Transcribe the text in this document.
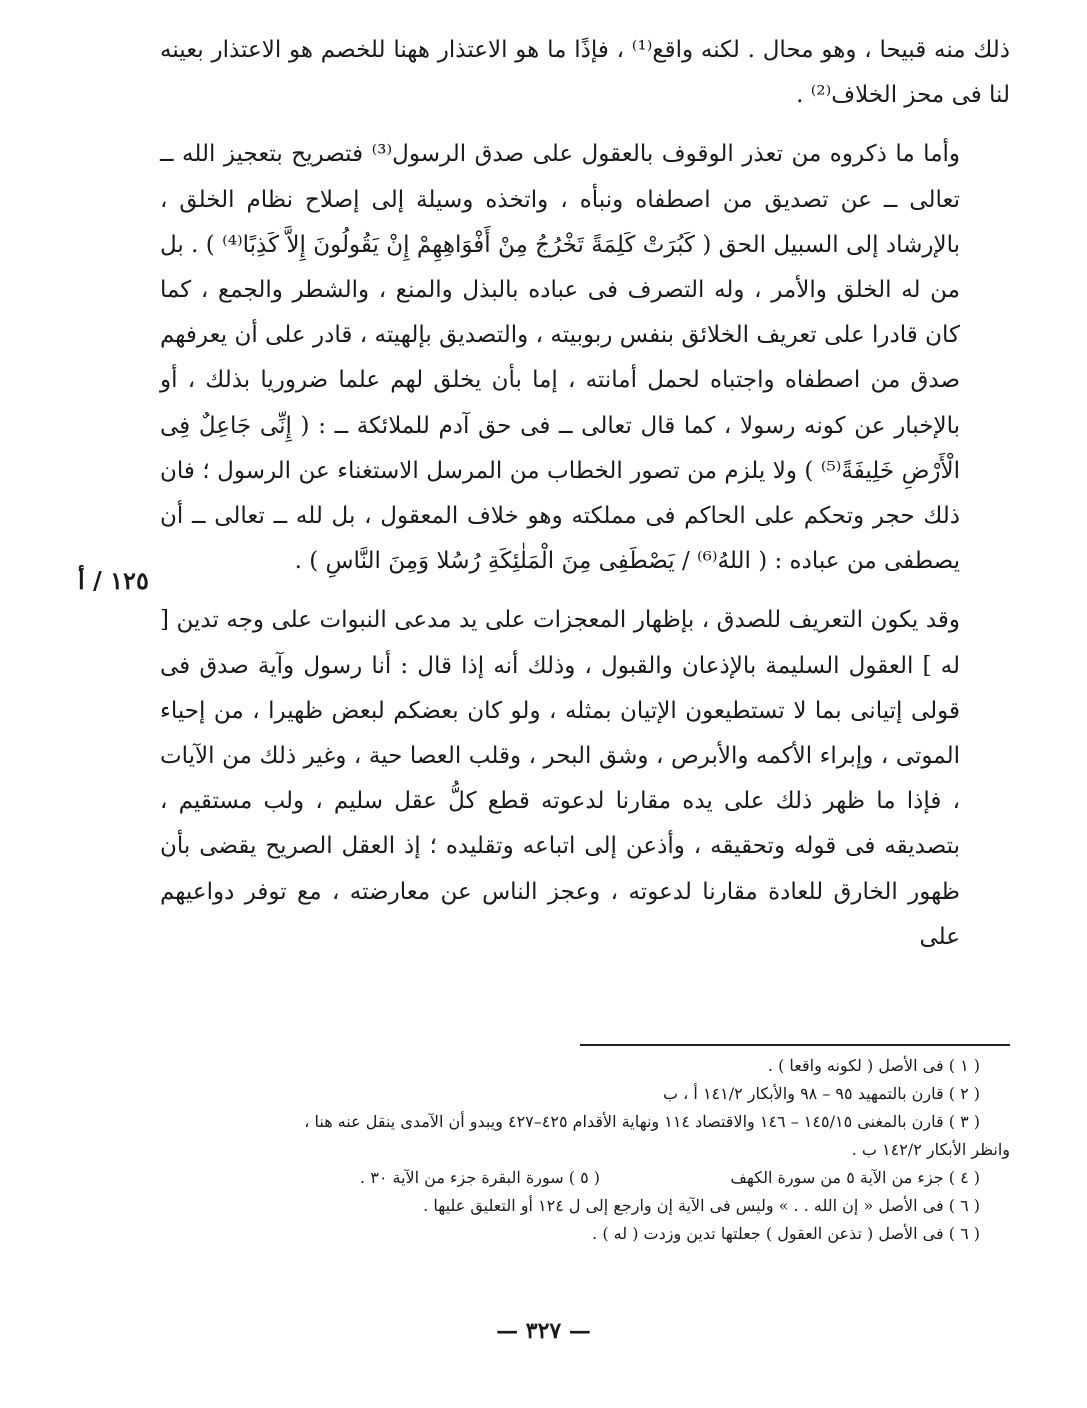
ذلك منه قبيحا ، وهو محال . لكنه واقع⁽¹⁾ ، فإذًا ما هو الاعتذار ههنا للخصم هو الاعتذار بعينه لنا فى محز الخلاف⁽²⁾ .

وأما ما ذكروه من تعذر الوقوف بالعقول على صدق الرسول⁽³⁾ فتصريح بتعجيز الله ــ تعالى ــ عن تصديق من اصطفاه ونبأه ، واتخذه وسيلة إلى إصلاح نظام الخلق ، بالإرشاد إلى السبيل الحق ( كَبُرَتْ كَلِمَةً تَخْرُجُ مِنْ أَفْوَاهِهِمْ إِنْ يَقُولُونَ إِلاَّ كَذِبًا⁽⁴⁾ ) . بل من له الخلق والأمر ، وله التصرف فى عباده بالبذل والمنع ، والشطر والجمع ، كما كان قادرا على تعريف الخلائق بنفس ربوبيته ، والتصديق بإلهيته ، قادر على أن يعرفهم صدق من اصطفاه واجتباه لحمل أمانته ، إما بأن يخلق لهم علما ضروريا بذلك ، أو بالإخبار عن كونه رسولا ، كما قال تعالى ــ فى حق آدم للملائكة ــ : ( إِنِّى جَاعِلٌ فِى الْأَرْضِ خَلِيفَةً⁽⁵⁾ ) ولا يلزم من تصور الخطاب من المرسل الاستغناء عن الرسول ؛ فان ذلك حجر وتحكم على الحاكم فى مملكته وهو خلاف المعقول ، بل لله ــ تعالى ــ أن يصطفى من عباده : ( اللهُ⁽⁶⁾ / يَصْطَفِى مِنَ الْمَلٰئِكَةِ رُسُلا وَمِنَ النَّاسِ ) .

وقد يكون التعريف للصدق ، بإظهار المعجزات على يد مدعى النبوات على وجه تدين [ له ] العقول السليمة بالإذعان والقبول ، وذلك أنه إذا قال : أنا رسول وآية صدق فى قولى إتيانى بما لا تستطيعون الإتيان بمثله ، ولو كان بعضكم لبعض ظهيرا ، من إحياء الموتى ، وإبراء الأكمه والأبرص ، وشق البحر ، وقلب العصا حية ، وغير ذلك من الآيات ، فإذا ما ظهر ذلك على يده مقارنا لدعوته قطع كلُّ عقل سليم ، ولب مستقيم ، بتصديقه فى قوله وتحقيقه ، وأذعن إلى اتباعه وتقليده ؛ إذ العقل الصريح يقضى بأن ظهور الخارق للعادة مقارنا لدعوته ، وعجز الناس عن معارضته ، مع توفر دواعيهم على

١٢٥ / أ

( ١ ) فى الأصل ( لكونه واقعا ) .

( ٢ ) قارن بالتمهيد ٩٥ – ٩٨ والأبكار ١٤١/٢ أ ، ب

( ٣ ) قارن بالمغنى ١٤٥/١٥ – ١٤٦ والاقتصاد ١١٤ ونهاية الأقدام ٤٢٥–٤٢٧ ويبدو أن الآمدى ينقل عنه هنا ،

وانظر الأبكار ١٤٢/٢ ب .

( ٤ ) جزء من الآية ٥ من سورة الكهف
( ٥ ) سورة البقرة جزء من الآية ٣٠ .

( ٦ ) فى الأصل « إن الله . . » وليس فى الآية إن وارجع إلى ل ١٢٤ أو التعليق عليها .

( ٦ ) فى الأصل ( تذعن العقول ) جعلتها تدين وزدت ( له ) .

— ٣٢٧ —
